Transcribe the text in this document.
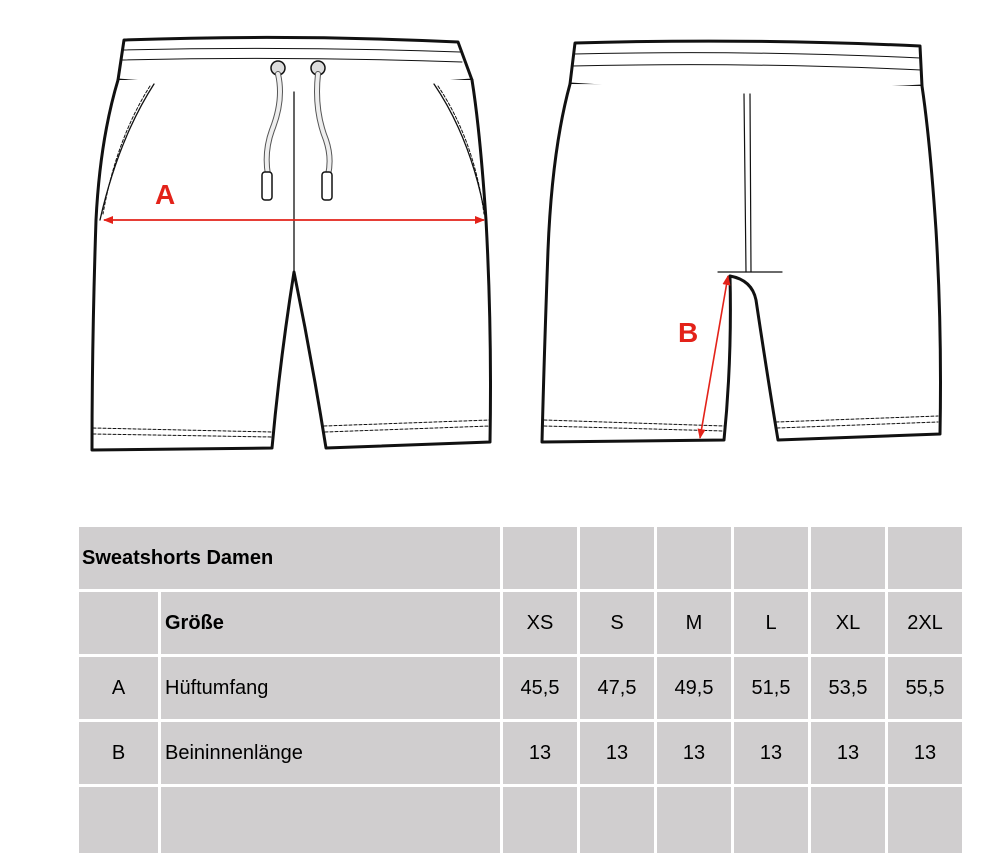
A
B
Sweatshorts Damen							
	Größe	XS	S	M	L	XL	2XL
A	Hüftumfang	45,5	47,5	49,5	51,5	53,5	55,5
B	Beininnenlänge	13	13	13	13	13	13
